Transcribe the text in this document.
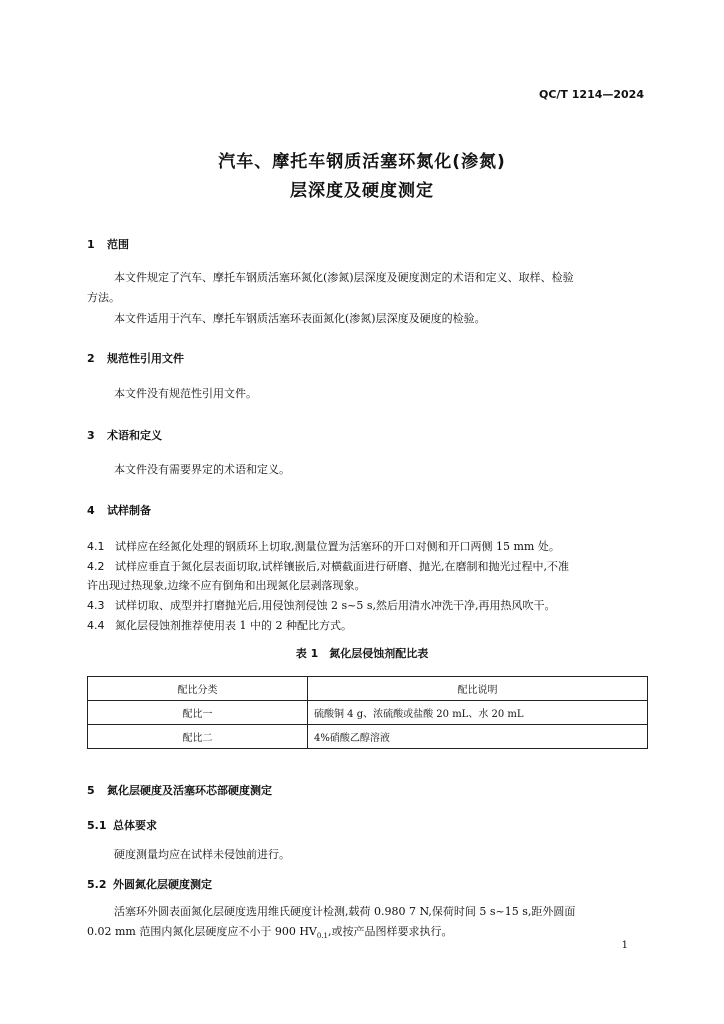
QC/T 1214—2024
汽车、摩托车钢质活塞环氮化(渗氮)
层深度及硬度测定
1 范围
本文件规定了汽车、摩托车钢质活塞环氮化(渗氮)层深度及硬度测定的术语和定义、取样、检验
方法。
本文件适用于汽车、摩托车钢质活塞环表面氮化(渗氮)层深度及硬度的检验。
2 规范性引用文件
本文件没有规范性引用文件。
3 术语和定义
本文件没有需要界定的术语和定义。
4 试样制备
4.1 试样应在经氮化处理的钢质环上切取,测量位置为活塞环的开口对侧和开口两侧 15 mm 处。
4.2 试样应垂直于氮化层表面切取,试样镶嵌后,对横截面进行研磨、抛光,在磨制和抛光过程中,不准
许出现过热现象,边缘不应有倒角和出现氮化层剥落现象。
4.3 试样切取、成型并打磨抛光后,用侵蚀剂侵蚀 2 s~5 s,然后用清水冲洗干净,再用热风吹干。
4.4 氮化层侵蚀剂推荐使用表 1 中的 2 种配比方式。
表 1　氮化层侵蚀剂配比表
配比分类	配比说明
配比一	硫酸铜 4 g、浓硫酸或盐酸 20 mL、水 20 mL
配比二	4%硝酸乙醇溶液
5 氮化层硬度及活塞环芯部硬度测定
5.1 总体要求
硬度测量均应在试样未侵蚀前进行。
5.2 外圆氮化层硬度测定
活塞环外圆表面氮化层硬度选用维氏硬度计检测,载荷 0.980 7 N,保荷时间 5 s~15 s,距外圆面
0.02 mm 范围内氮化层硬度应不小于 900 $HV_{0.1}$,或按产品图样要求执行。
1
